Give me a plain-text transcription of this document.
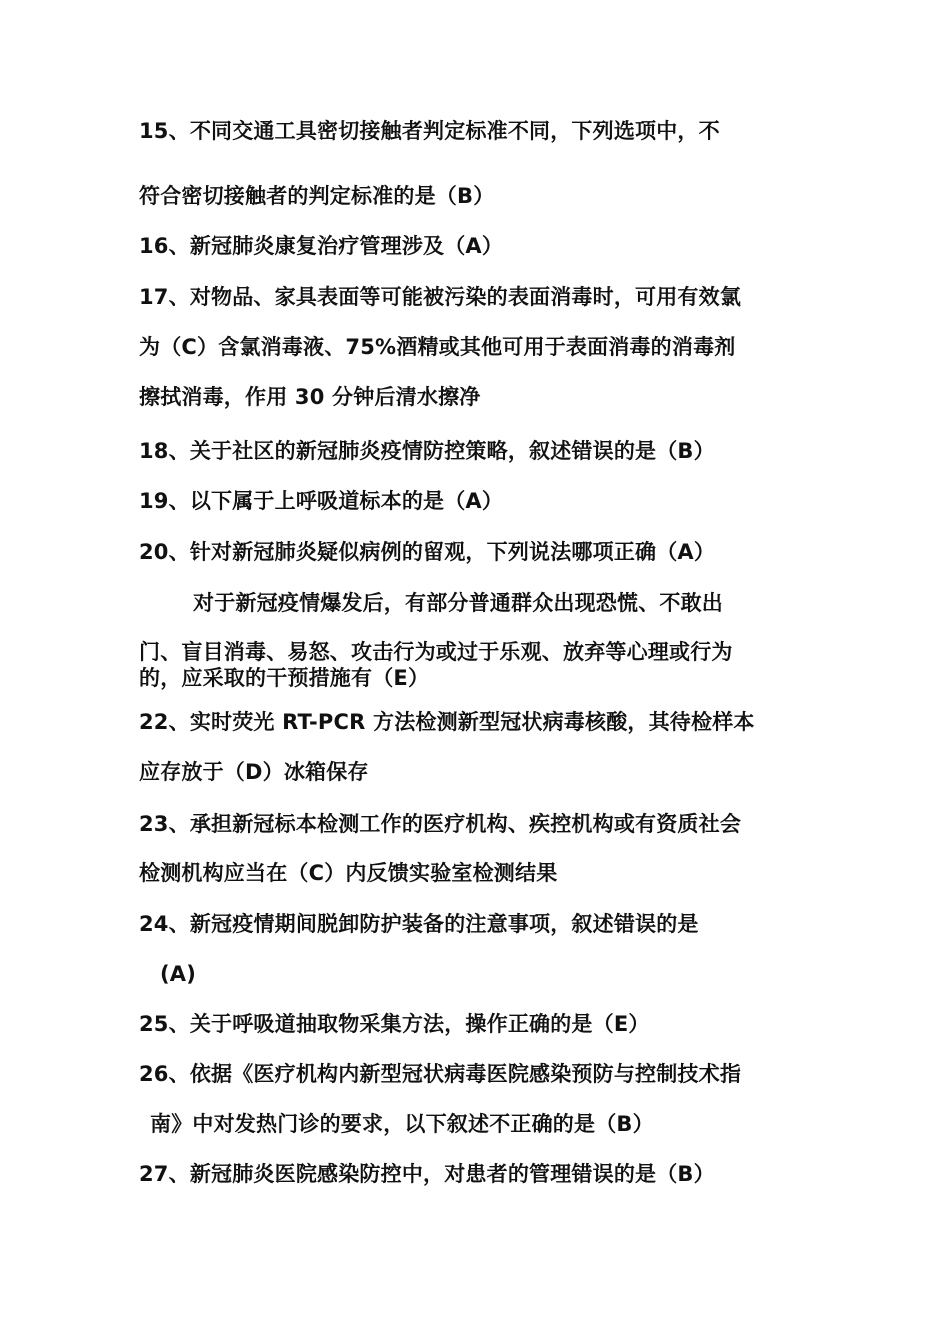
15、不同交通工具密切接触者判定标准不同，下列选项中，不
符合密切接触者的判定标准的是（B）
16、新冠肺炎康复治疗管理涉及（A）
17、对物品、家具表面等可能被污染的表面消毒时，可用有效氯
为（C）含氯消毒液、75%酒精或其他可用于表面消毒的消毒剂
擦拭消毒，作用 30 分钟后清水擦净
18、关于社区的新冠肺炎疫情防控策略，叙述错误的是（B）
19、以下属于上呼吸道标本的是（A）
20、针对新冠肺炎疑似病例的留观，下列说法哪项正确（A）
对于新冠疫情爆发后，有部分普通群众出现恐慌、不敢出
门、盲目消毒、易怒、攻击行为或过于乐观、放弃等心理或行为
的，应采取的干预措施有（E）
22、实时荧光 RT-PCR 方法检测新型冠状病毒核酸，其待检样本
应存放于（D）冰箱保存
23、承担新冠标本检测工作的医疗机构、疾控机构或有资质社会
检测机构应当在（C）内反馈实验室检测结果
24、新冠疫情期间脱卸防护装备的注意事项，叙述错误的是
(A)
25、关于呼吸道抽取物采集方法，操作正确的是（E）
26、依据《医疗机构内新型冠状病毒医院感染预防与控制技术指
南》中对发热门诊的要求，以下叙述不正确的是（B）
27、新冠肺炎医院感染防控中，对患者的管理错误的是（B）
